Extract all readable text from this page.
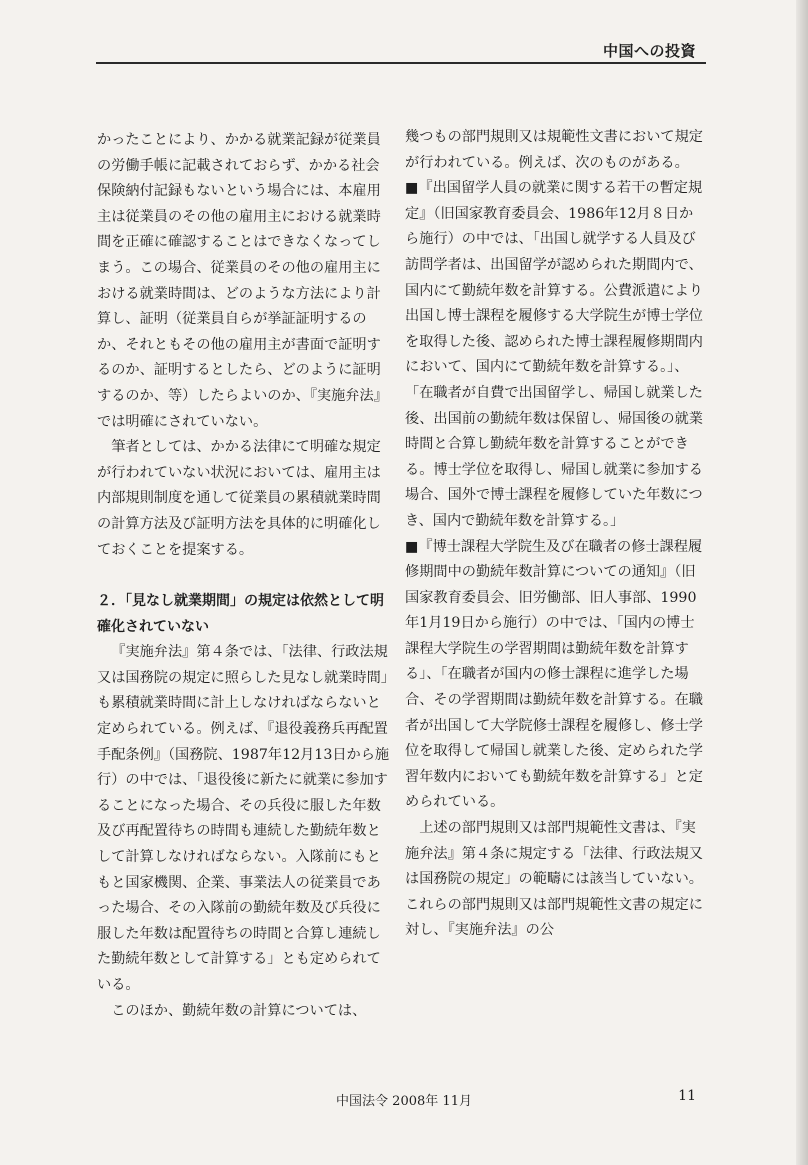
中国への投資

かったことにより、かかる就業記録が従業員の労働手帳に記載されておらず、かかる社会保険納付記録もないという場合には、本雇用主は従業員のその他の雇用主における就業時間を正確に確認することはできなくなってしまう。この場合、従業員のその他の雇用主における就業時間は、どのような方法により計算し、証明（従業員自らが挙証証明するのか、それともその他の雇用主が書面で証明するのか、証明するとしたら、どのように証明するのか、等）したらよいのか、『実施弁法』では明確にされていない。

筆者としては、かかる法律にて明確な規定が行われていない状況においては、雇用主は内部規則制度を通して従業員の累積就業時間の計算方法及び証明方法を具体的に明確化しておくことを提案する。

２．「見なし就業期間」の規定は依然として明確化されていない

『実施弁法』第４条では、「法律、行政法規又は国務院の規定に照らした見なし就業時間」も累積就業時間に計上しなければならないと定められている。例えば、『退役義務兵再配置手配条例』（国務院、1987年12月13日から施行）の中では、「退役後に新たに就業に参加することになった場合、その兵役に服した年数及び再配置待ちの時間も連続した勤続年数として計算しなければならない。入隊前にもともと国家機関、企業、事業法人の従業員であった場合、その入隊前の勤続年数及び兵役に服した年数は配置待ちの時間と合算し連続した勤続年数として計算する」とも定められている。

このほか、勤続年数の計算については、

幾つもの部門規則又は規範性文書において規定が行われている。例えば、次のものがある。

■『出国留学人員の就業に関する若干の暫定規定』（旧国家教育委員会、1986年12月８日から施行）の中では、「出国し就学する人員及び訪問学者は、出国留学が認められた期間内で、国内にて勤続年数を計算する。公費派遣により出国し博士課程を履修する大学院生が博士学位を取得した後、認められた博士課程履修期間内において、国内にて勤続年数を計算する。」、「在職者が自費で出国留学し、帰国し就業した後、出国前の勤続年数は保留し、帰国後の就業時間と合算し勤続年数を計算することができる。博士学位を取得し、帰国し就業に参加する場合、国外で博士課程を履修していた年数につき、国内で勤続年数を計算する。」

■『博士課程大学院生及び在職者の修士課程履修期間中の勤続年数計算についての通知』（旧国家教育委員会、旧労働部、旧人事部、1990年1月19日から施行）の中では、「国内の博士課程大学院生の学習期間は勤続年数を計算する」、「在職者が国内の修士課程に進学した場合、その学習期間は勤続年数を計算する。在職者が出国して大学院修士課程を履修し、修士学位を取得して帰国し就業した後、定められた学習年数内においても勤続年数を計算する」と定められている。

上述の部門規則又は部門規範性文書は、『実施弁法』第４条に規定する「法律、行政法規又は国務院の規定」の範疇には該当していない。これらの部門規則又は部門規範性文書の規定に対し、『実施弁法』の公

中国法令 2008年 11月	11
